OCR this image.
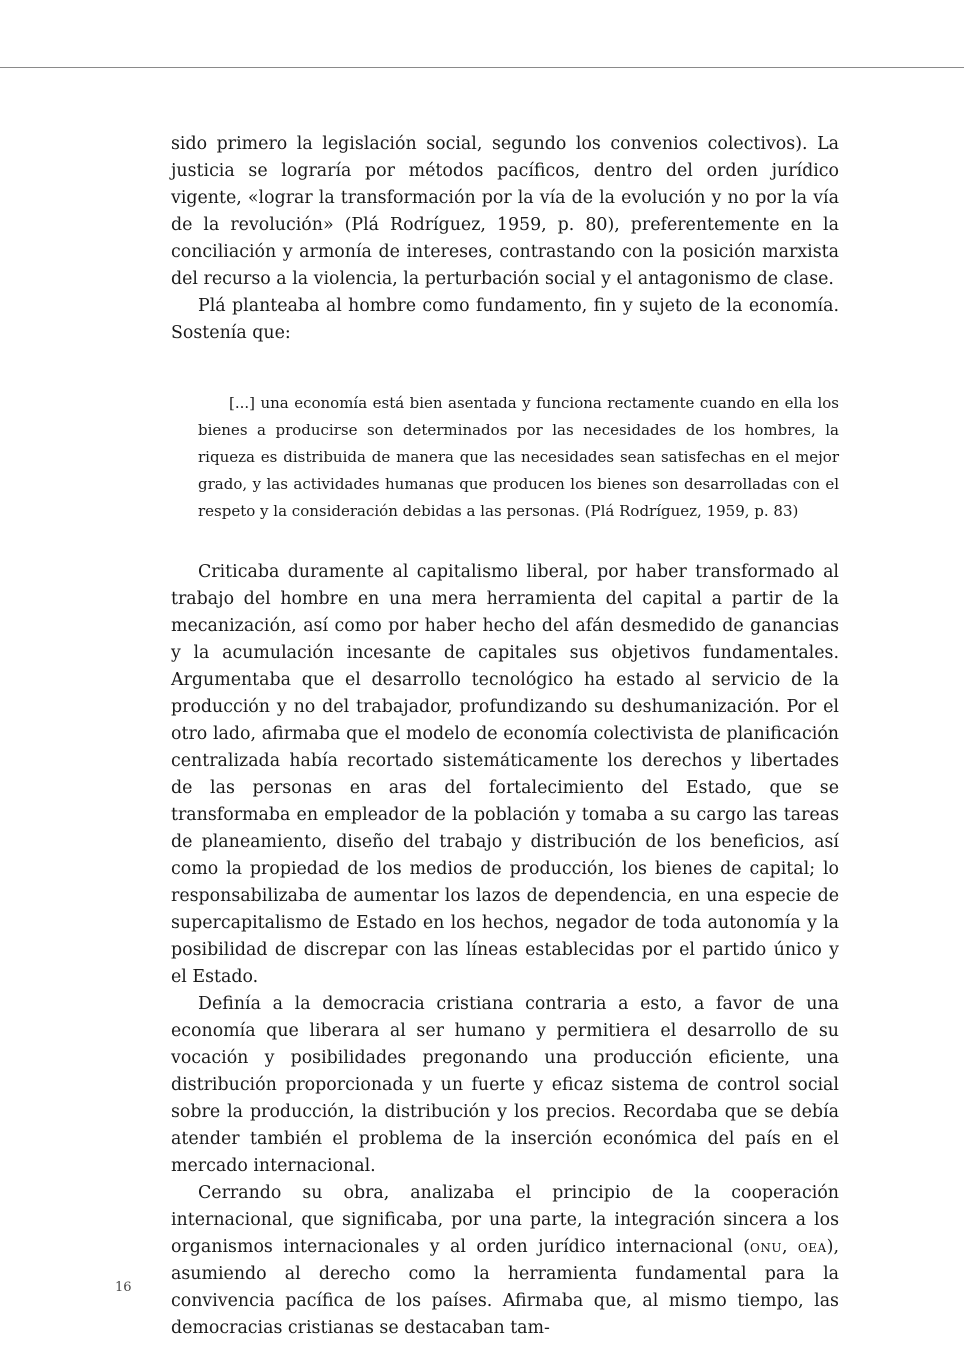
sido primero la legislación social, segundo los convenios colectivos). La justicia se lograría por métodos pacíficos, dentro del orden jurídico vigente, «lograr la transformación por la vía de la evolución y no por la vía de la revolución» (Plá Rodríguez, 1959, p. 80), preferentemente en la conciliación y armonía de intereses, contrastando con la posición marxista del recurso a la violencia, la perturbación social y el antagonismo de clase.

Plá planteaba al hombre como fundamento, fin y sujeto de la economía. Sostenía que:

[...] una economía está bien asentada y funciona rectamente cuando en ella los bienes a producirse son determinados por las necesidades de los hombres, la riqueza es distribuida de manera que las necesidades sean satisfechas en el mejor grado, y las actividades humanas que producen los bienes son desarrolladas con el respeto y la consideración debidas a las personas. (Plá Rodríguez, 1959, p. 83)

Criticaba duramente al capitalismo liberal, por haber transformado al trabajo del hombre en una mera herramienta del capital a partir de la mecanización, así como por haber hecho del afán desmedido de ganancias y la acumulación incesante de capitales sus objetivos fundamentales. Argumentaba que el desarrollo tecnológico ha estado al servicio de la producción y no del trabajador, profundizando su deshumanización. Por el otro lado, afirmaba que el modelo de economía colectivista de planificación centralizada había recortado sistemáticamente los derechos y libertades de las personas en aras del fortalecimiento del Estado, que se transformaba en empleador de la población y tomaba a su cargo las tareas de planeamiento, diseño del trabajo y distribución de los beneficios, así como la propiedad de los medios de producción, los bienes de capital; lo responsabilizaba de aumentar los lazos de dependencia, en una especie de supercapitalismo de Estado en los hechos, negador de toda autonomía y la posibilidad de discrepar con las líneas establecidas por el partido único y el Estado.

Definía a la democracia cristiana contraria a esto, a favor de una economía que liberara al ser humano y permitiera el desarrollo de su vocación y posibilidades pregonando una producción eficiente, una distribución proporcionada y un fuerte y eficaz sistema de control social sobre la producción, la distribución y los precios. Recordaba que se debía atender también el problema de la inserción económica del país en el mercado internacional.

Cerrando su obra, analizaba el principio de la cooperación internacional, que significaba, por una parte, la integración sincera a los organismos internacionales y al orden jurídico internacional (onu, oea), asumiendo al derecho como la herramienta fundamental para la convivencia pacífica de los países. Afirmaba que, al mismo tiempo, las democracias cristianas se destacaban tam-

16
